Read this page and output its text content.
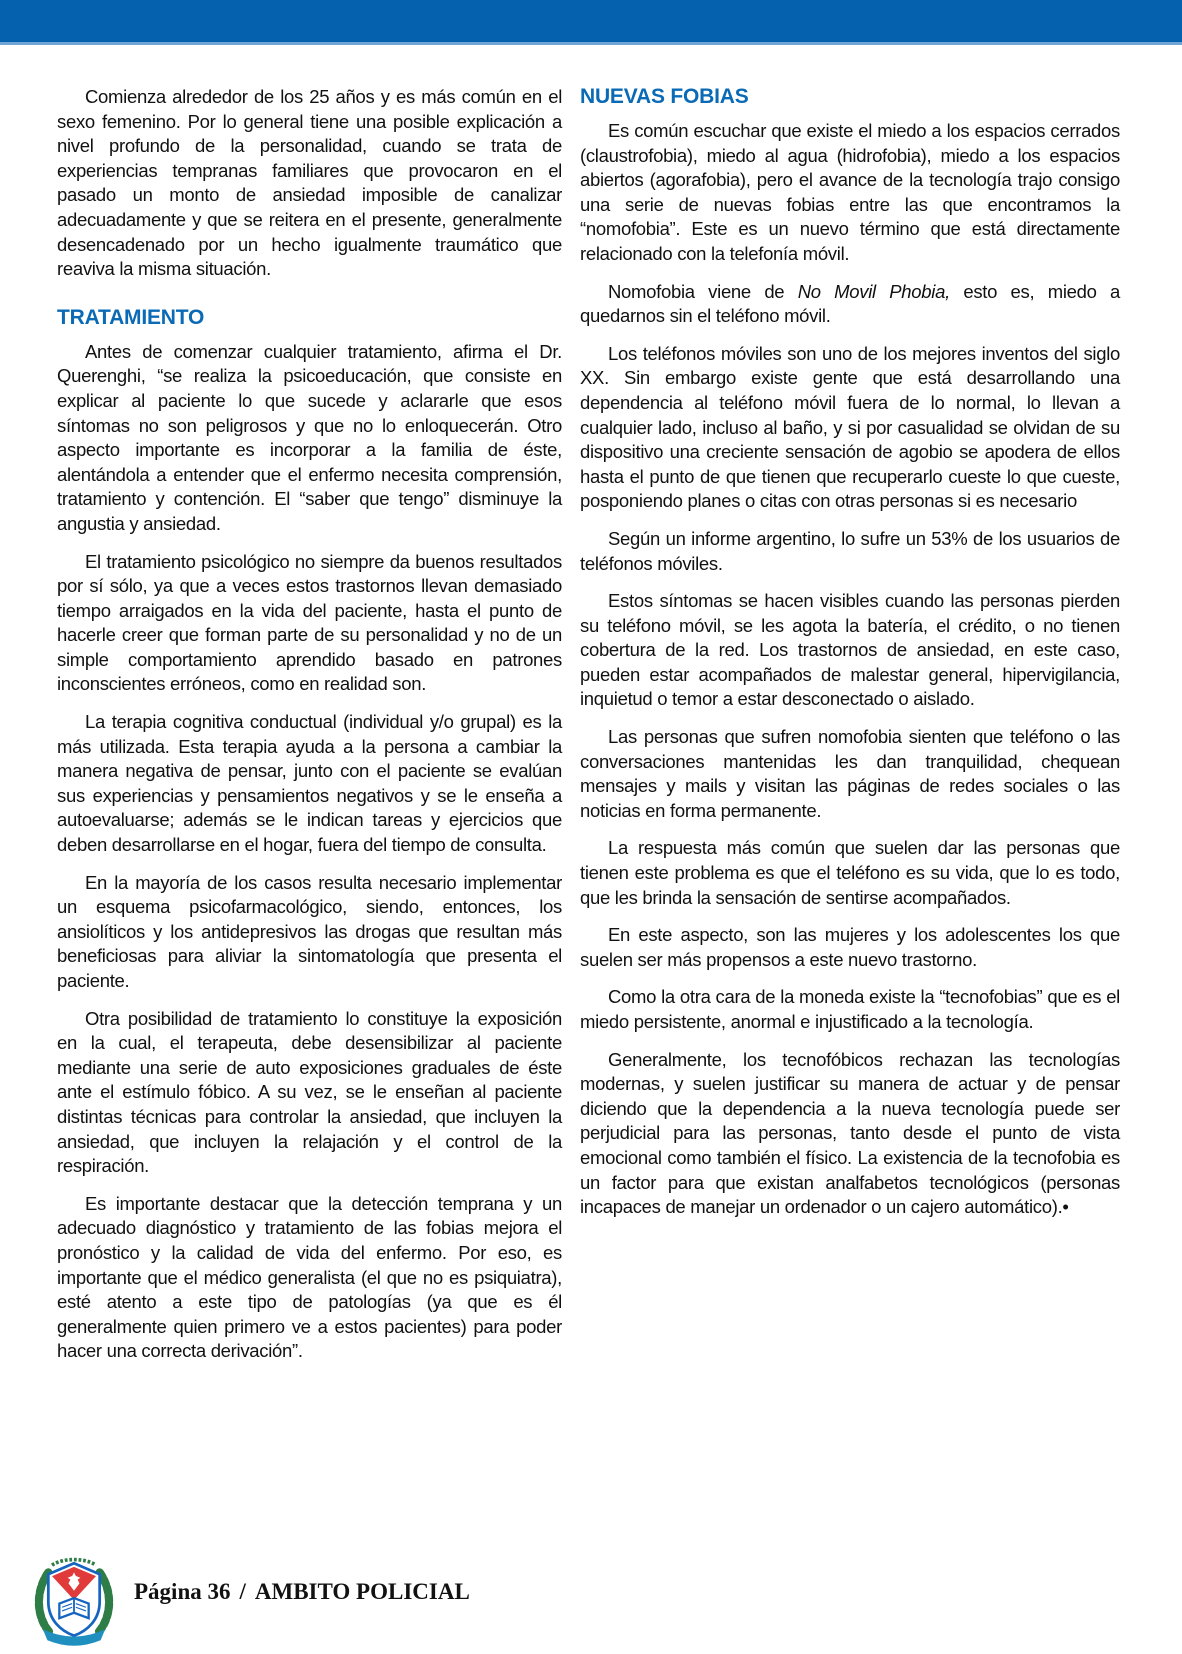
Comienza alrededor de los 25 años y es más común en el sexo femenino. Por lo general tiene una posible explicación a nivel profundo de la personalidad, cuando se trata de experiencias tempranas familiares que provocaron en el pasado un monto de ansiedad imposible de canalizar adecuadamente y que se reitera en el presente, generalmente desencadenado por un hecho igualmente traumático que reaviva la misma situación.

TRATAMIENTO

Antes de comenzar cualquier tratamiento, afirma el Dr. Querenghi, “se realiza la psicoeducación, que consiste en explicar al paciente lo que sucede y aclararle que esos síntomas no son peligrosos y que no lo enloquecerán. Otro aspecto importante es incorporar a la familia de éste, alentándola a entender que el enfermo necesita comprensión, tratamiento y contención. El “saber que tengo” disminuye la angustia y ansiedad.

El tratamiento psicológico no siempre da buenos resultados por sí sólo, ya que a veces estos trastornos llevan demasiado tiempo arraigados en la vida del paciente, hasta el punto de hacerle creer que forman parte de su personalidad y no de un simple comportamiento aprendido basado en patrones inconscientes erróneos, como en realidad son.

La terapia cognitiva conductual (individual y/o grupal) es la más utilizada. Esta terapia ayuda a la persona a cambiar la manera negativa de pensar, junto con el paciente se evalúan sus experiencias y pensamientos negativos y se le enseña a autoevaluarse; además se le indican tareas y ejercicios que deben desarrollarse en el hogar, fuera del tiempo de consulta.

En la mayoría de los casos resulta necesario implementar un esquema psicofarmacológico, siendo, entonces, los ansiolíticos y los antidepresivos las drogas que resultan más beneficiosas para aliviar la sintomatología que presenta el paciente.

Otra posibilidad de tratamiento lo constituye la exposición en la cual, el terapeuta, debe desensibilizar al paciente mediante una serie de auto exposiciones graduales de éste ante el estímulo fóbico. A su vez, se le enseñan al paciente distintas técnicas para controlar la ansiedad, que incluyen la ansiedad, que incluyen la relajación y el control de la respiración.

Es importante destacar que la detección temprana y un adecuado diagnóstico y tratamiento de las fobias mejora el pronóstico y la calidad de vida del enfermo. Por eso, es importante que el médico generalista (el que no es psiquiatra), esté atento a este tipo de patologías (ya que es él generalmente quien primero ve a estos pacientes) para poder hacer una correcta derivación”.

NUEVAS FOBIAS

Es común escuchar que existe el miedo a los espacios cerrados (claustrofobia), miedo al agua (hidrofobia), miedo a los espacios abiertos (agorafobia), pero el avance de la tecnología trajo consigo una serie de nuevas fobias entre las que encontramos la “nomofobia”. Este es un nuevo término que está directamente relacionado con la telefonía móvil.

Nomofobia viene de No Movil Phobia, esto es, miedo a quedarnos sin el teléfono móvil.

Los teléfonos móviles son uno de los mejores inventos del siglo XX. Sin embargo existe gente que está desarrollando una dependencia al teléfono móvil fuera de lo normal, lo llevan a cualquier lado, incluso al baño, y si por casualidad se olvidan de su dispositivo una creciente sensación de agobio se apodera de ellos hasta el punto de que tienen que recuperarlo cueste lo que cueste, posponiendo planes o citas con otras personas si es necesario

Según un informe argentino, lo sufre un 53% de los usuarios de teléfonos móviles.

Estos síntomas se hacen visibles cuando las personas pierden su teléfono móvil, se les agota la batería, el crédito, o no tienen cobertura de la red. Los trastornos de ansiedad, en este caso, pueden estar acompañados de malestar general, hipervigilancia, inquietud o temor a estar desconectado o aislado.

Las personas que sufren nomofobia sienten que teléfono o las conversaciones mantenidas les dan tranquilidad, chequean mensajes y mails y visitan las páginas de redes sociales o las noticias en forma permanente.

La respuesta más común que suelen dar las personas que tienen este problema es que el teléfono es su vida, que lo es todo, que les brinda la sensación de sentirse acompañados.

En este aspecto, son las mujeres y los adolescentes los que suelen ser más propensos a este nuevo trastorno.

Como la otra cara de la moneda existe la “tecnofobias” que es el miedo persistente, anormal e injustificado a la tecnología.

Generalmente, los tecnofóbicos rechazan las tecnologías modernas, y suelen justificar su manera de actuar y de pensar diciendo que la dependencia a la nueva tecnología puede ser perjudicial para las personas, tanto desde el punto de vista emocional como también el físico. La existencia de la tecnofobia es un factor para que existan analfabetos tecnológicos (personas incapaces de manejar un ordenador o un cajero automático).•

Página 36 / AMBITO POLICIAL
